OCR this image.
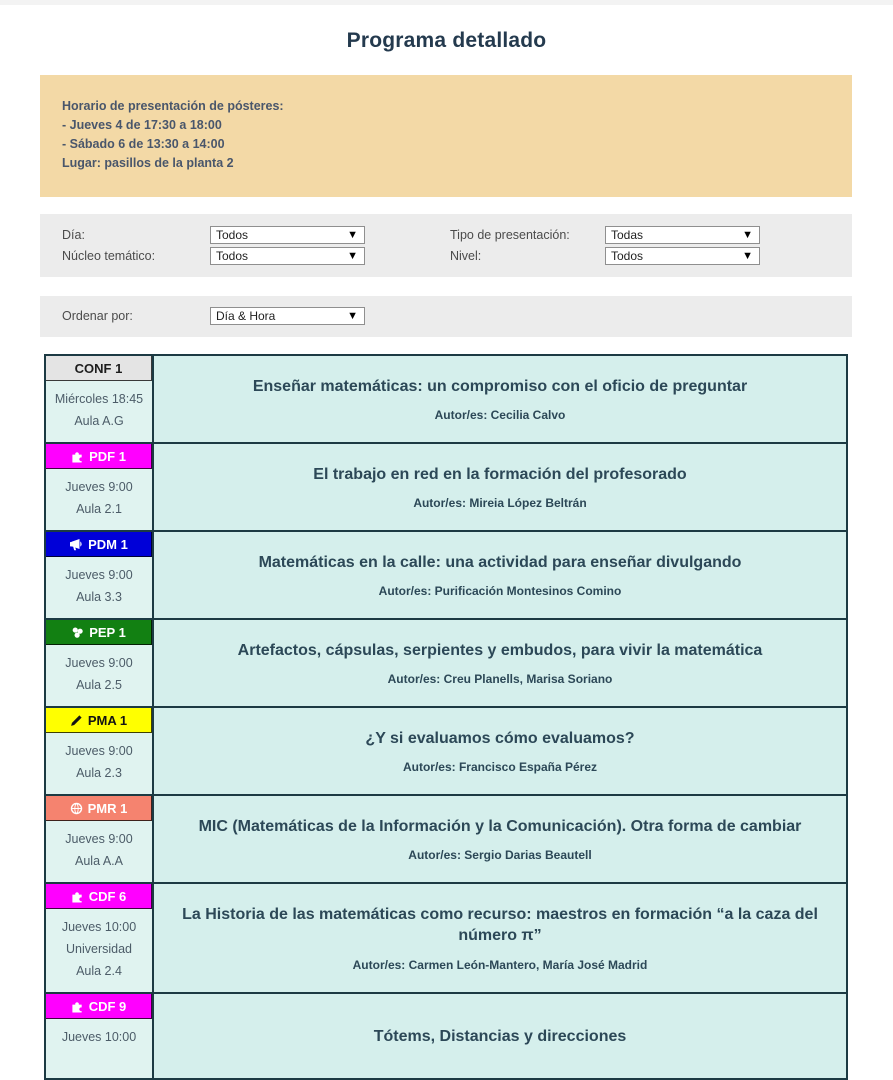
Programa detallado
Horario de presentación de pósteres:
- Jueves 4 de 17:30 a 18:00
- Sábado 6 de 13:30 a 14:00
Lugar: pasillos de la planta 2
Día:	Todos	▼	Tipo de presentación:	Todas	▼
Núcleo temático:	Todos	▼	Nivel:	Todos	▼
Ordenar por:	Día & Hora	▼
CONF 1
Miércoles 18:45
Aula A.G
Enseñar matemáticas: un compromiso con el oficio de preguntar
Autor/es: Cecilia Calvo
PDF 1
Jueves 9:00
Aula 2.1
El trabajo en red en la formación del profesorado
Autor/es: Mireia López Beltrán
PDM 1
Jueves 9:00
Aula 3.3
Matemáticas en la calle: una actividad para enseñar divulgando
Autor/es: Purificación Montesinos Comino
PEP 1
Jueves 9:00
Aula 2.5
Artefactos, cápsulas, serpientes y embudos, para vivir la matemática
Autor/es: Creu Planells, Marisa Soriano
PMA 1
Jueves 9:00
Aula 2.3
¿Y si evaluamos cómo evaluamos?
Autor/es: Francisco España Pérez
PMR 1
Jueves 9:00
Aula A.A
MIC (Matemáticas de la Información y la Comunicación). Otra forma de cambiar
Autor/es: Sergio Darias Beautell
CDF 6
Jueves 10:00
Universidad
Aula 2.4
La Historia de las matemáticas como recurso: maestros en formación “a la caza del número π”
Autor/es: Carmen León-Mantero, María José Madrid
CDF 9
Jueves 10:00	Tótems, Distancias y direcciones
